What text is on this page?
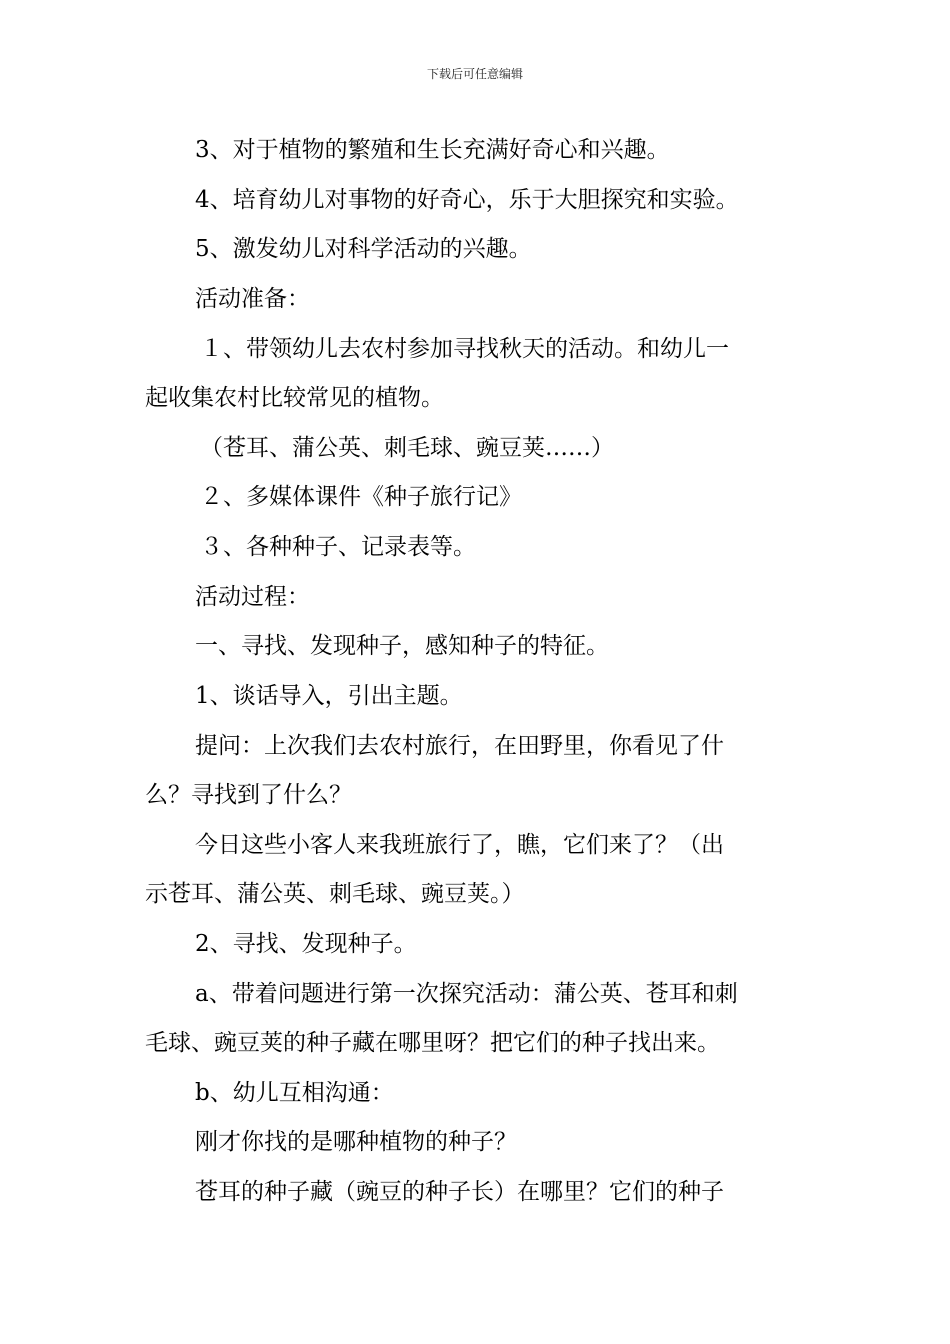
下载后可任意编辑
3、对于植物的繁殖和生长充满好奇心和兴趣。
4、培育幼儿对事物的好奇心，乐于大胆探究和实验。
5、激发幼儿对科学活动的兴趣。
活动准备：
１、带领幼儿去农村参加寻找秋天的活动。和幼儿一
起收集农村比较常见的植物。
（苍耳、蒲公英、刺毛球、豌豆荚……）
２、多媒体课件《种子旅行记》
３、各种种子、记录表等。
活动过程：
一、寻找、发现种子，感知种子的特征。
1、谈话导入，引出主题。
提问：上次我们去农村旅行，在田野里，你看见了什
么？寻找到了什么？
今日这些小客人来我班旅行了，瞧，它们来了？（出
示苍耳、蒲公英、刺毛球、豌豆荚。）
2、寻找、发现种子。
a、带着问题进行第一次探究活动：蒲公英、苍耳和刺
毛球、豌豆荚的种子藏在哪里呀？把它们的种子找出来。
b、幼儿互相沟通：
刚才你找的是哪种植物的种子？
苍耳的种子藏（豌豆的种子长）在哪里？它们的种子
